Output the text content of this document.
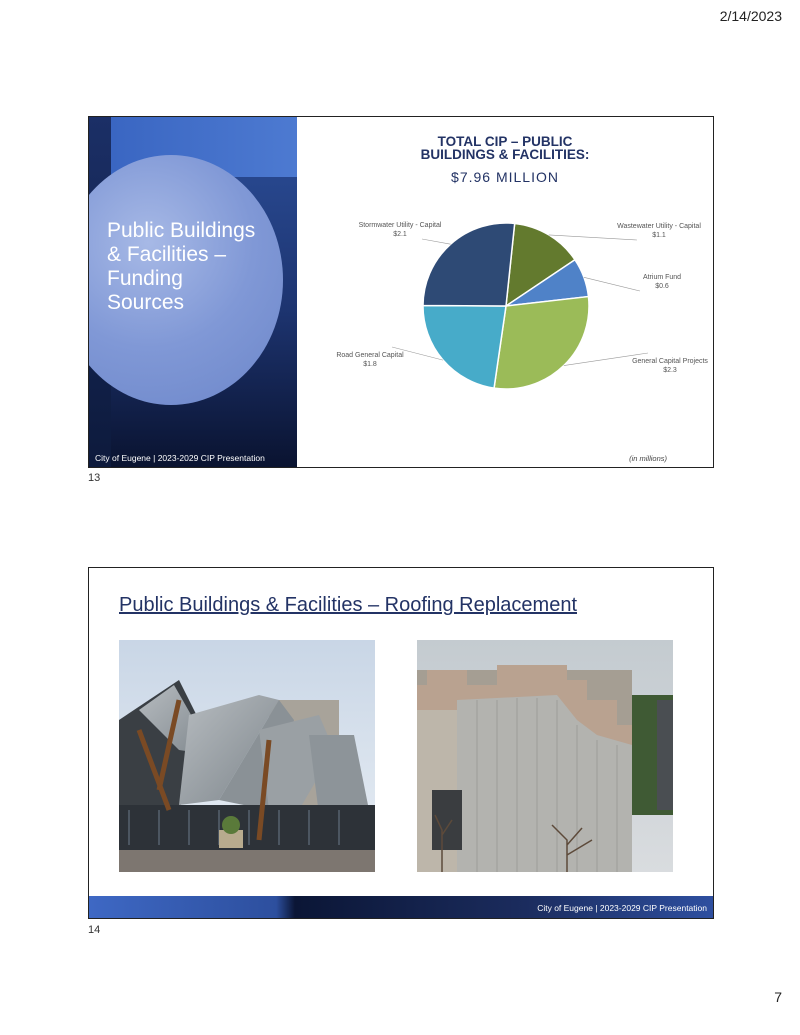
2/14/2023
Public Buildings
& Facilities –
Funding
Sources
City of Eugene | 2023-2029 CIP Presentation
TOTAL CIP – PUBLIC
BUILDINGS & FACILITIES:
$7.96 MILLION
Wastewater Utility - Capital
$1.1
Atrium Fund
$0.6
General Capital Projects
$2.3
Road General Capital
$1.8
Stormwater Utility - Capital
$2.1
(in millions)
13
Public Buildings & Facilities – Roofing Replacement
City of Eugene | 2023-2029 CIP Presentation
14
7
